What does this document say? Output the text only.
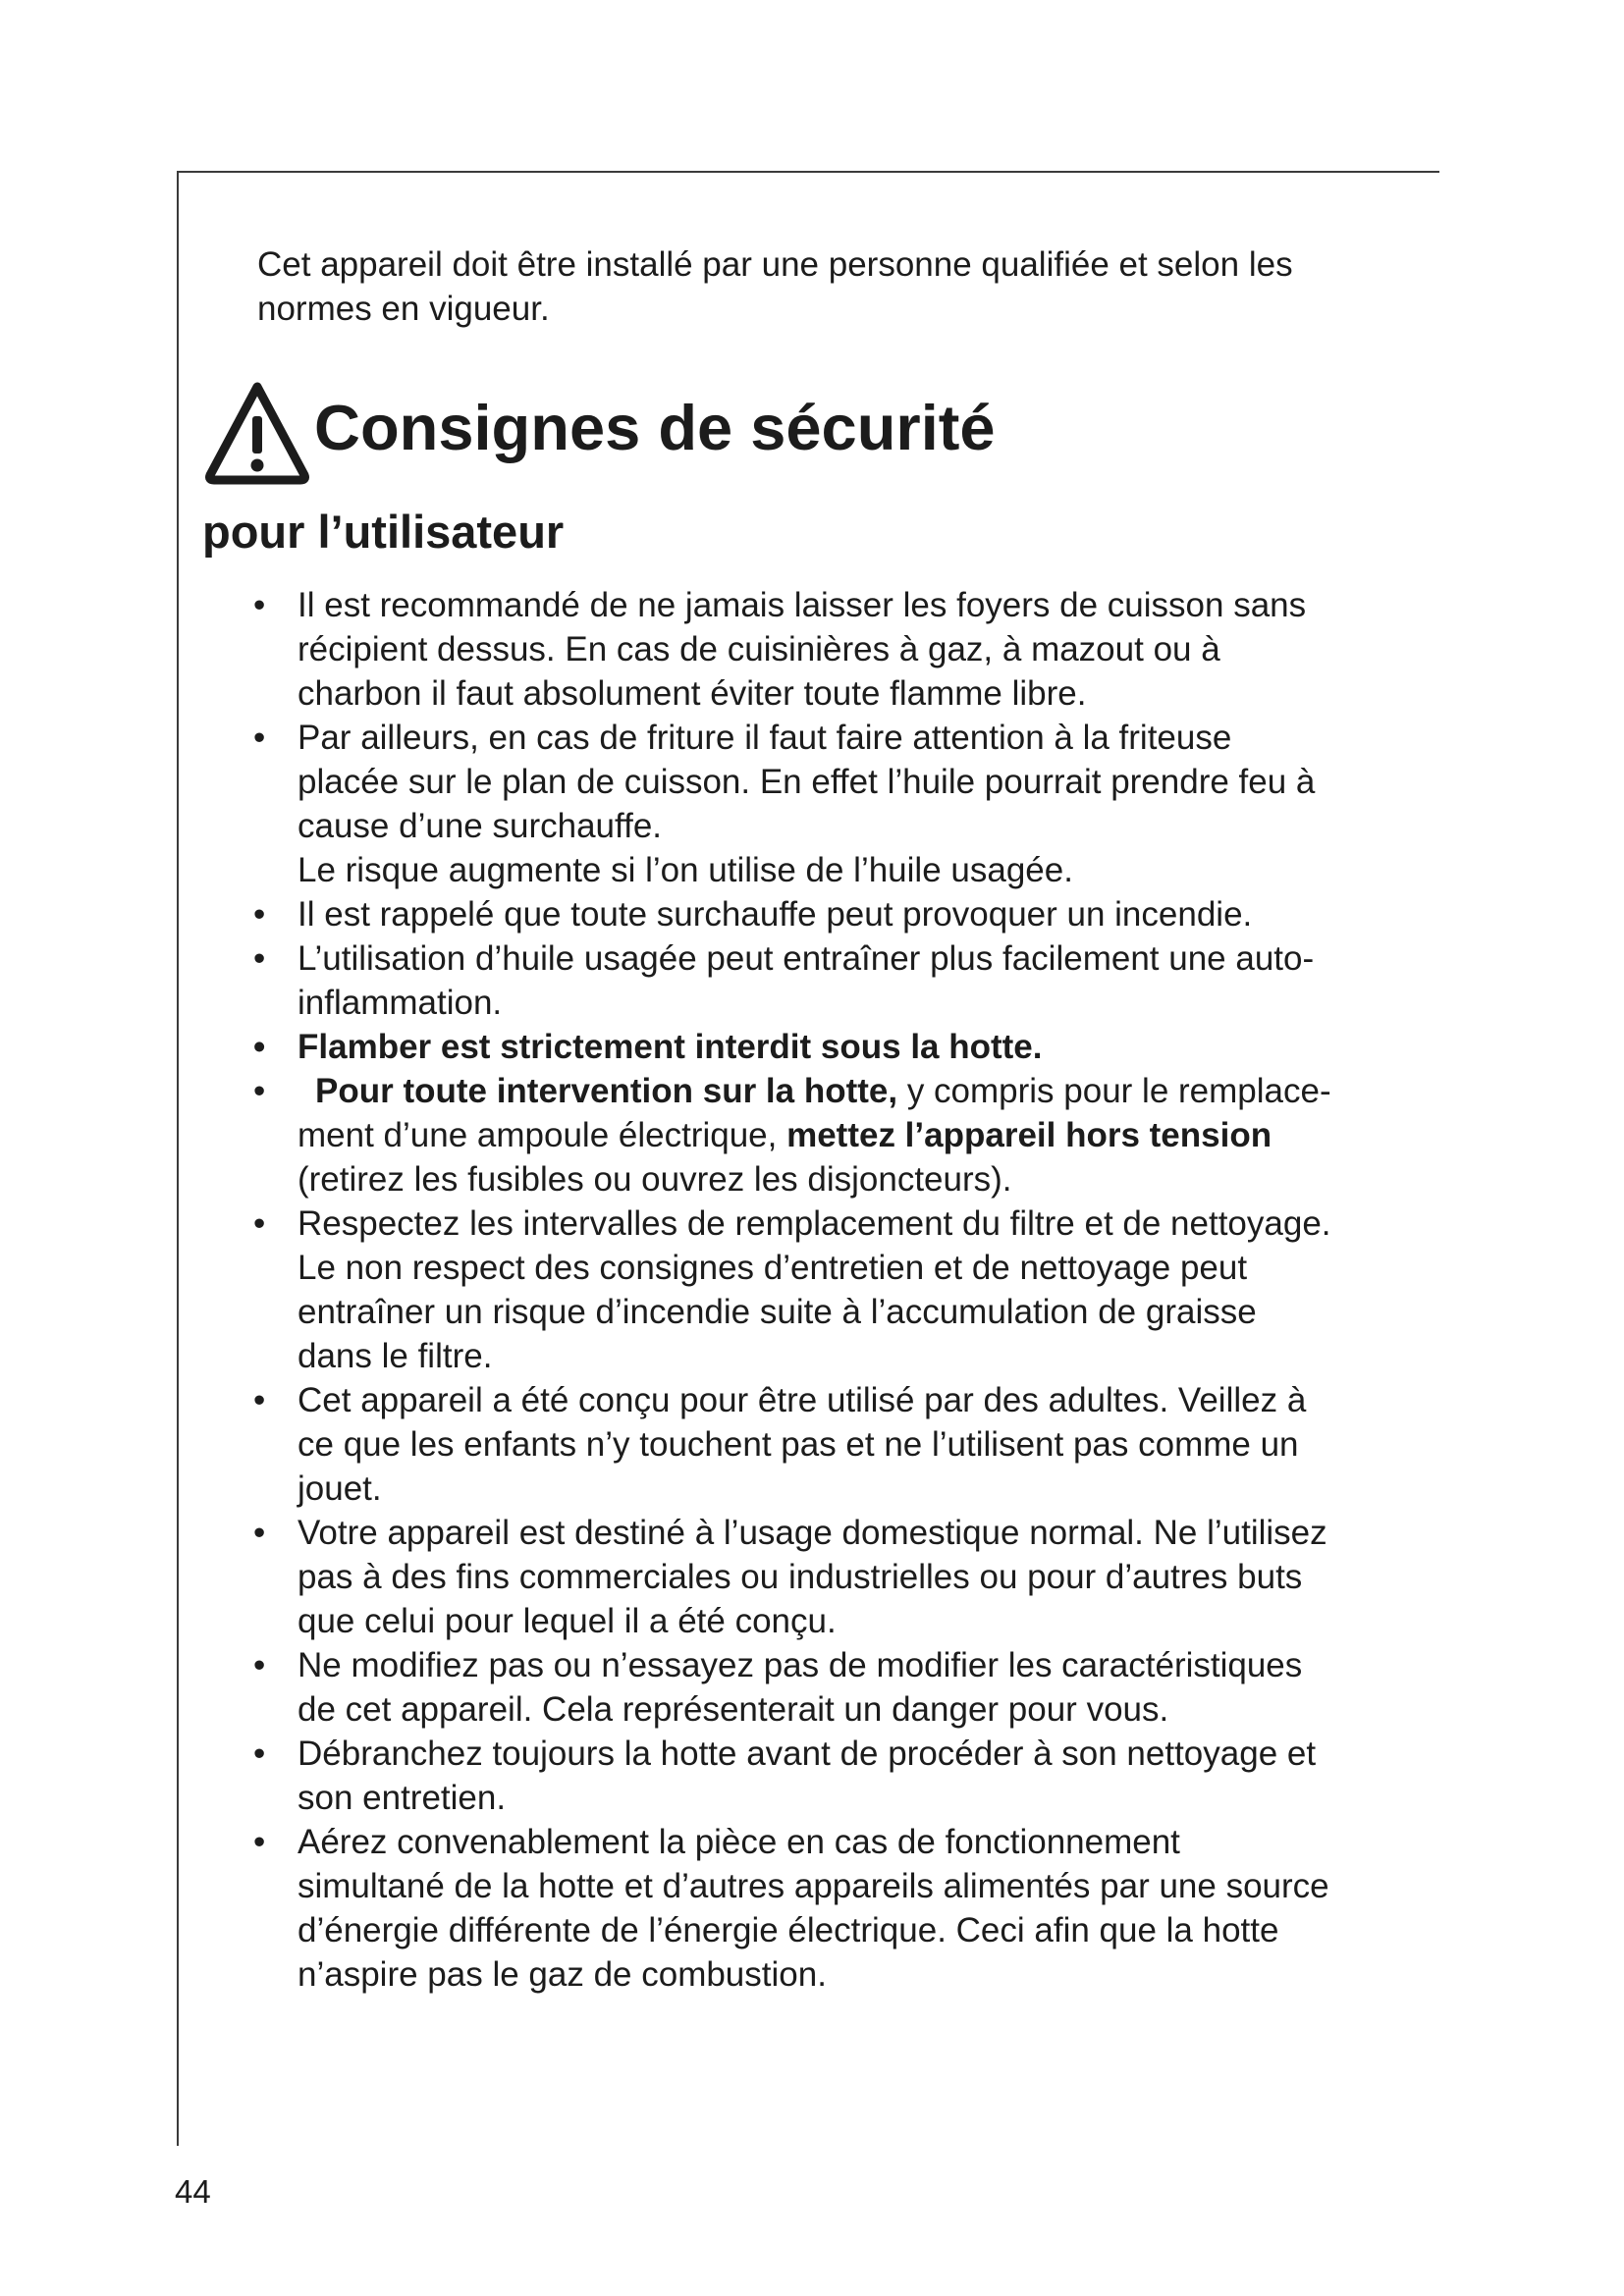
Cet appareil doit être installé par une personne qualifiée et selon les
normes en vigueur.

Consignes de sécurité
pour l’utilisateur
• Il est recommandé de ne jamais laisser les foyers de cuisson sans
récipient dessus. En cas de cuisinières à gaz, à mazout ou à
charbon il faut absolument éviter toute flamme libre.
• Par ailleurs, en cas de friture il faut faire attention à la friteuse
placée sur le plan de cuisson. En effet l’huile pourrait prendre feu à
cause d’une surchauffe.
Le risque augmente si l’on utilise de l’huile usagée.
• Il est rappelé que toute surchauffe peut provoquer un incendie.
• L’utilisation d’huile usagée peut entraîner plus facilement une auto-
inflammation.
• Flamber est strictement interdit sous la hotte.
•	Pour toute intervention sur la hotte, y compris pour le remplace-
ment d’une ampoule électrique, mettez l’appareil hors tension
(retirez les fusibles ou ouvrez les disjoncteurs).
• Respectez les intervalles de remplacement du filtre et de nettoyage.
Le non respect des consignes d’entretien et de nettoyage peut
entraîner un risque d’incendie suite à l’accumulation de graisse
dans le filtre.
• Cet appareil a été conçu pour être utilisé par des adultes. Veillez à
ce que les enfants n’y touchent pas et ne l’utilisent pas comme un
jouet.
• Votre appareil est destiné à l’usage domestique normal. Ne l’utilisez
pas à des fins commerciales ou industrielles ou pour d’autres buts
que celui pour lequel il a été conçu.
• Ne modifiez pas ou n’essayez pas de modifier les caractéristiques
de cet appareil. Cela représenterait un danger pour vous.
• Débranchez toujours la hotte avant de procéder à son nettoyage et
son entretien.
• Aérez convenablement la pièce en cas de fonctionnement
simultané de la hotte et d’autres appareils alimentés par une source
d’énergie différente de l’énergie électrique. Ceci afin que la hotte
n’aspire pas le gaz de combustion.

44
